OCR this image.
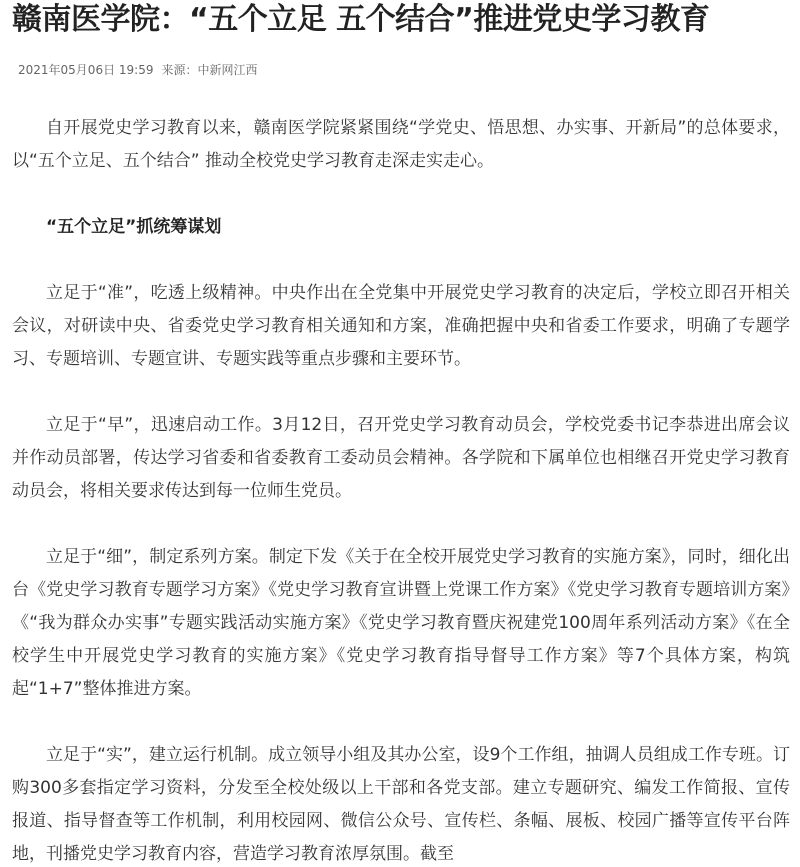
赣南医学院：“五个立足 五个结合”推进党史学习教育
2021年05月06日 19:59 来源：中新网江西

自开展党史学习教育以来，赣南医学院紧紧围绕“学党史、悟思想、办实事、开新局”的总体要求，以“五个立足、五个结合” 推动全校党史学习教育走深走实走心。

“五个立足”抓统筹谋划

立足于“准”，吃透上级精神。中央作出在全党集中开展党史学习教育的决定后，学校立即召开相关会议，对研读中央、省委党史学习教育相关通知和方案，准确把握中央和省委工作要求，明确了专题学习、专题培训、专题宣讲、专题实践等重点步骤和主要环节。

立足于“早”，迅速启动工作。3月12日，召开党史学习教育动员会，学校党委书记李恭进出席会议并作动员部署，传达学习省委和省委教育工委动员会精神。各学院和下属单位也相继召开党史学习教育动员会，将相关要求传达到每一位师生党员。

立足于“细”，制定系列方案。制定下发《关于在全校开展党史学习教育的实施方案》，同时，细化出台《党史学习教育专题学习方案》《党史学习教育宣讲暨上党课工作方案》《党史学习教育专题培训方案》《“我为群众办实事”专题实践活动实施方案》《党史学习教育暨庆祝建党100周年系列活动方案》《在全校学生中开展党史学习教育的实施方案》《党史学习教育指导督导工作方案》等7个具体方案，构筑起“1+7”整体推进方案。

立足于“实”，建立运行机制。成立领导小组及其办公室，设9个工作组，抽调人员组成工作专班。订购300多套指定学习资料，分发至全校处级以上干部和各党支部。建立专题研究、编发工作简报、宣传报道、指导督查等工作机制，利用校园网、微信公众号、宣传栏、条幅、展板、校园广播等宣传平台阵地，刊播党史学习教育内容，营造学习教育浓厚氛围。截至
